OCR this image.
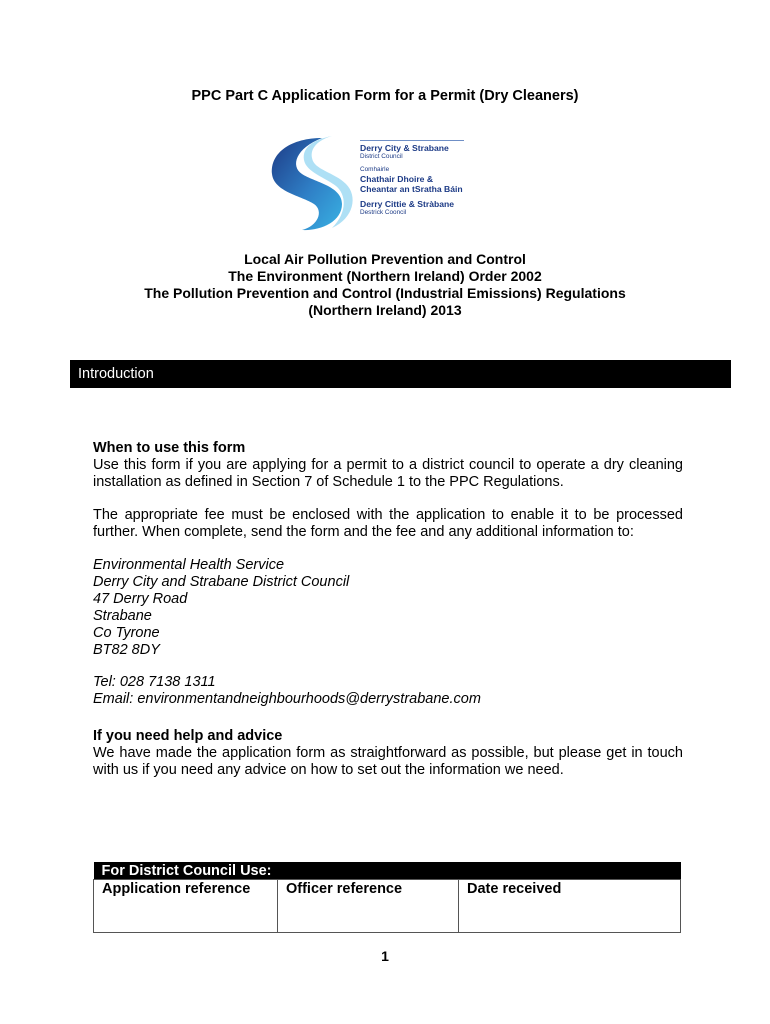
PPC Part C Application Form for a Permit (Dry Cleaners)
Derry City & Strabane
District Council
Comhairle
Chathair Dhoire &
Cheantar an tSratha Báin
Derry Cittie & Stràbane
Destrick Cooncil
Local Air Pollution Prevention and Control
The Environment (Northern Ireland) Order 2002
The Pollution Prevention and Control (Industrial Emissions) Regulations
(Northern Ireland) 2013
Introduction
When to use this form
Use this form if you are applying for a permit to a district council to operate a dry cleaning installation as defined in Section 7 of Schedule 1 to the PPC Regulations.
The appropriate fee must be enclosed with the application to enable it to be processed further. When complete, send the form and the fee and any additional information to:
Environmental Health Service
Derry City and Strabane District Council
47 Derry Road
Strabane
Co Tyrone
BT82 8DY
Tel: 028 7138 1311
Email: environmentandneighbourhoods@derrystrabane.com
If you need help and advice
We have made the application form as straightforward as possible, but please get in touch with us if you need any advice on how to set out the information we need.
For District Council Use:
Application reference	Officer reference	Date received
1
